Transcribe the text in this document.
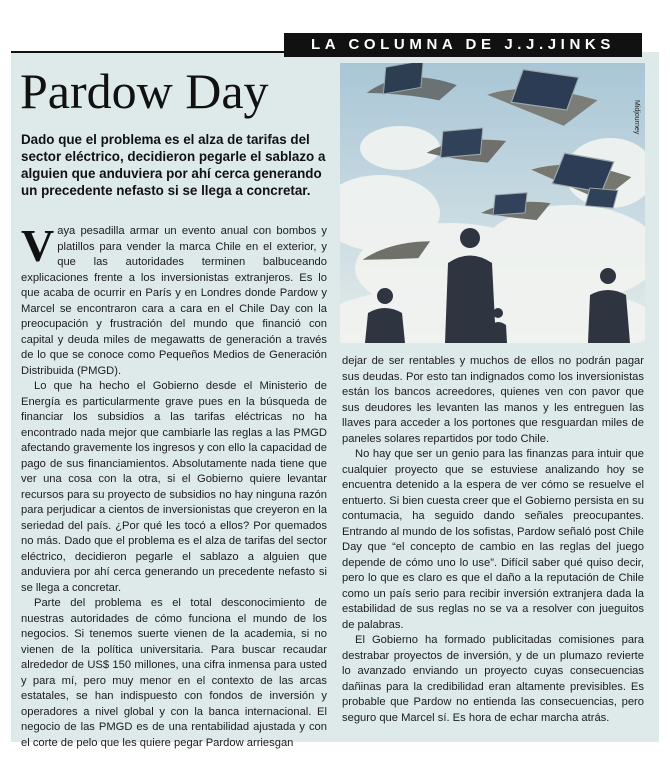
LA COLUMNA DE J.J.JINKS
Pardow Day

Dado que el problema es el alza de tarifas del sector eléctrico, decidieron pegarle el sablazo a alguien que anduviera por ahí cerca generando un precedente nefasto si se llega a concretar.

Midjourney

Vaya pesadilla armar un evento anual con bombos y platillos para vender la marca Chile en el exterior, y que las autoridades terminen balbuceando explicaciones frente a los inversionistas extranjeros. Es lo que acaba de ocurrir en París y en Londres donde Pardow y Marcel se encontraron cara a cara en el Chile Day con la preocupación y frustración del mundo que financió con capital y deuda miles de megawatts de generación a través de lo que se conoce como Pequeños Medios de Generación Distribuida (PMGD).

Lo que ha hecho el Gobierno desde el Ministerio de Energía es particularmente grave pues en la búsqueda de financiar los subsidios a las tarifas eléctricas no ha encontrado nada mejor que cambiarle las reglas a las PMGD afectando gravemente los ingresos y con ello la capacidad de pago de sus financiamientos. Absolutamente nada tiene que ver una cosa con la otra, si el Gobierno quiere levantar recursos para su proyecto de subsidios no hay ninguna razón para perjudicar a cientos de inversionistas que creyeron en la seriedad del país. ¿Por qué les tocó a ellos? Por quemados no más. Dado que el problema es el alza de tarifas del sector eléctrico, decidieron pegarle el sablazo a alguien que anduviera por ahí cerca generando un precedente nefasto si se llega a concretar.

Parte del problema es el total desconocimiento de nuestras autoridades de cómo funciona el mundo de los negocios. Si tenemos suerte vienen de la academia, si no vienen de la política universitaria. Para buscar recaudar alrededor de US$ 150 millones, una cifra inmensa para usted y para mí, pero muy menor en el contexto de las arcas estatales, se han indispuesto con fondos de inversión y operadores a nivel global y con la banca internacional. El negocio de las PMGD es de una rentabilidad ajustada y con el corte de pelo que les quiere pegar Pardow arriesgan

dejar de ser rentables y muchos de ellos no podrán pagar sus deudas. Por esto tan indignados como los inversionistas están los bancos acreedores, quienes ven con pavor que sus deudores les levanten las manos y les entreguen las llaves para acceder a los portones que resguardan miles de paneles solares repartidos por todo Chile.

No hay que ser un genio para las finanzas para intuir que cualquier proyecto que se estuviese analizando hoy se encuentra detenido a la espera de ver cómo se resuelve el entuerto. Si bien cuesta creer que el Gobierno persista en su contumacia, ha seguido dando señales preocupantes. Entrando al mundo de los sofistas, Pardow señaló post Chile Day que “el concepto de cambio en las reglas del juego depende de cómo uno lo use”. Difícil saber qué quiso decir, pero lo que es claro es que el daño a la reputación de Chile como un país serio para recibir inversión extranjera dada la estabilidad de sus reglas no se va a resolver con jueguitos de palabras.

El Gobierno ha formado publicitadas comisiones para destrabar proyectos de inversión, y de un plumazo revierte lo avanzado enviando un proyecto cuyas consecuencias dañinas para la credibilidad eran altamente previsibles. Es probable que Pardow no entienda las consecuencias, pero seguro que Marcel sí. Es hora de echar marcha atrás.
